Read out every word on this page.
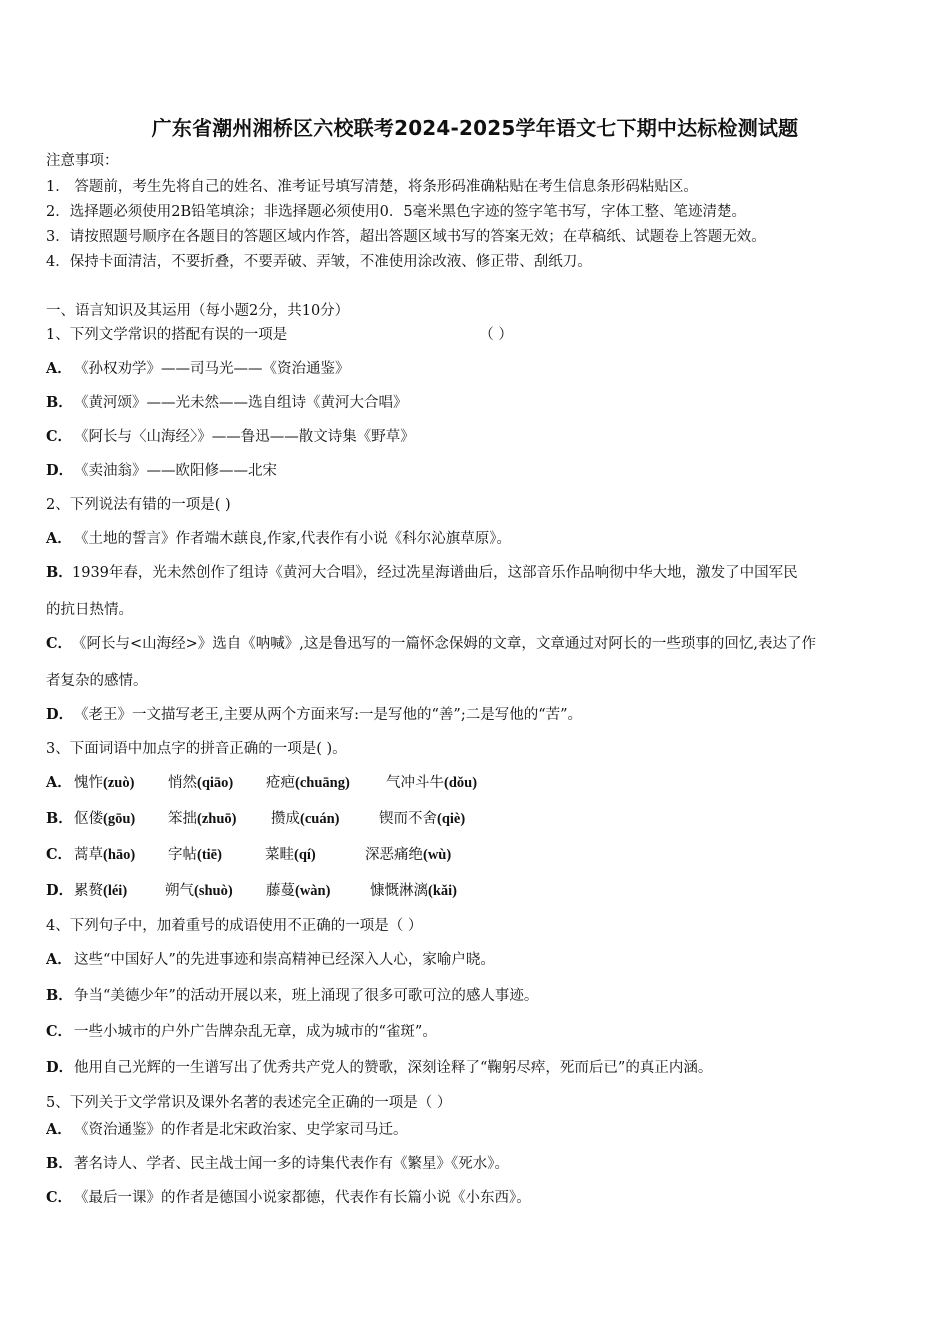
广东省潮州湘桥区六校联考2024-2025学年语文七下期中达标检测试题
注意事项：
1． 答题前，考生先将自己的姓名、准考证号填写清楚，将条形码准确粘贴在考生信息条形码粘贴区。
2．选择题必须使用2B铅笔填涂；非选择题必须使用0．5毫米黑色字迹的签字笔书写，字体工整、笔迹清楚。
3．请按照题号顺序在各题目的答题区域内作答，超出答题区域书写的答案无效；在草稿纸、试题卷上答题无效。
4．保持卡面清洁，不要折叠，不要弄破、弄皱，不准使用涂改液、修正带、刮纸刀。
一、语言知识及其运用（每小题2分，共10分）
1、下列文学常识的搭配有误的一项是	（ ）
A． 《孙权劝学》——司马光——《资治通鉴》
B．《黄河颂》——光未然——选自组诗《黄河大合唱》
C． 《阿长与〈山海经〉》——鲁迅——散文诗集《野草》
D．《卖油翁》——欧阳修——北宋
2、下列说法有错的一项是( )
A． 《土地的誓言》作者端木蕻良,作家,代表作有小说《科尔沁旗草原》。
B．1939年春，光未然创作了组诗《黄河大合唱》，经过冼星海谱曲后，这部音乐作品响彻中华大地，激发了中国军民
的抗日热情。
C．《阿长与<山海经>》选自《呐喊》,这是鲁迅写的一篇怀念保姆的文章，文章通过对阿长的一些琐事的回忆,表达了作
者复杂的感情。
D．《老王》一文描写老王,主要从两个方面来写:一是写他的“善”;二是写他的“苦”。
3、下面词语中加点字的拼音正确的一项是( )。
A． 愧怍(zuò) 悄然(qiāo) 疮疤(chuāng) 气冲斗牛(dǒu)
B．伛偻(gōu) 笨拙(zhuō) 攒成(cuán)	锲而不舍(qiè)
C． 蒿草(hāo) 字帖(tiē)	菜畦(qí)	深恶痛绝(wù)
D．累赘(léi)	朔气(shuò) 藤蔓(wàn)	慷慨淋漓(kǎi)
4、下列句子中，加着重号的成语使用不正确的一项是（ ）
A． 这些“中国好人”的先进事迹和崇高精神已经深入人心，家喻户晓。
B．争当“美德少年”的活动开展以来，班上涌现了很多可歌可泣的感人事迹。
C． 一些小城市的户外广告牌杂乱无章，成为城市的“雀斑”。
D．他用自己光辉的一生谱写出了优秀共产党人的赞歌，深刻诠释了“鞠躬尽瘁，死而后已”的真正内涵。
5、下列关于文学常识及课外名著的表述完全正确的一项是（ ）
A． 《资治通鉴》的作者是北宋政治家、史学家司马迁。
B．著名诗人、学者、民主战士闻一多的诗集代表作有《繁星》《死水》。
C． 《最后一课》的作者是德国小说家都德，代表作有长篇小说《小东西》。
